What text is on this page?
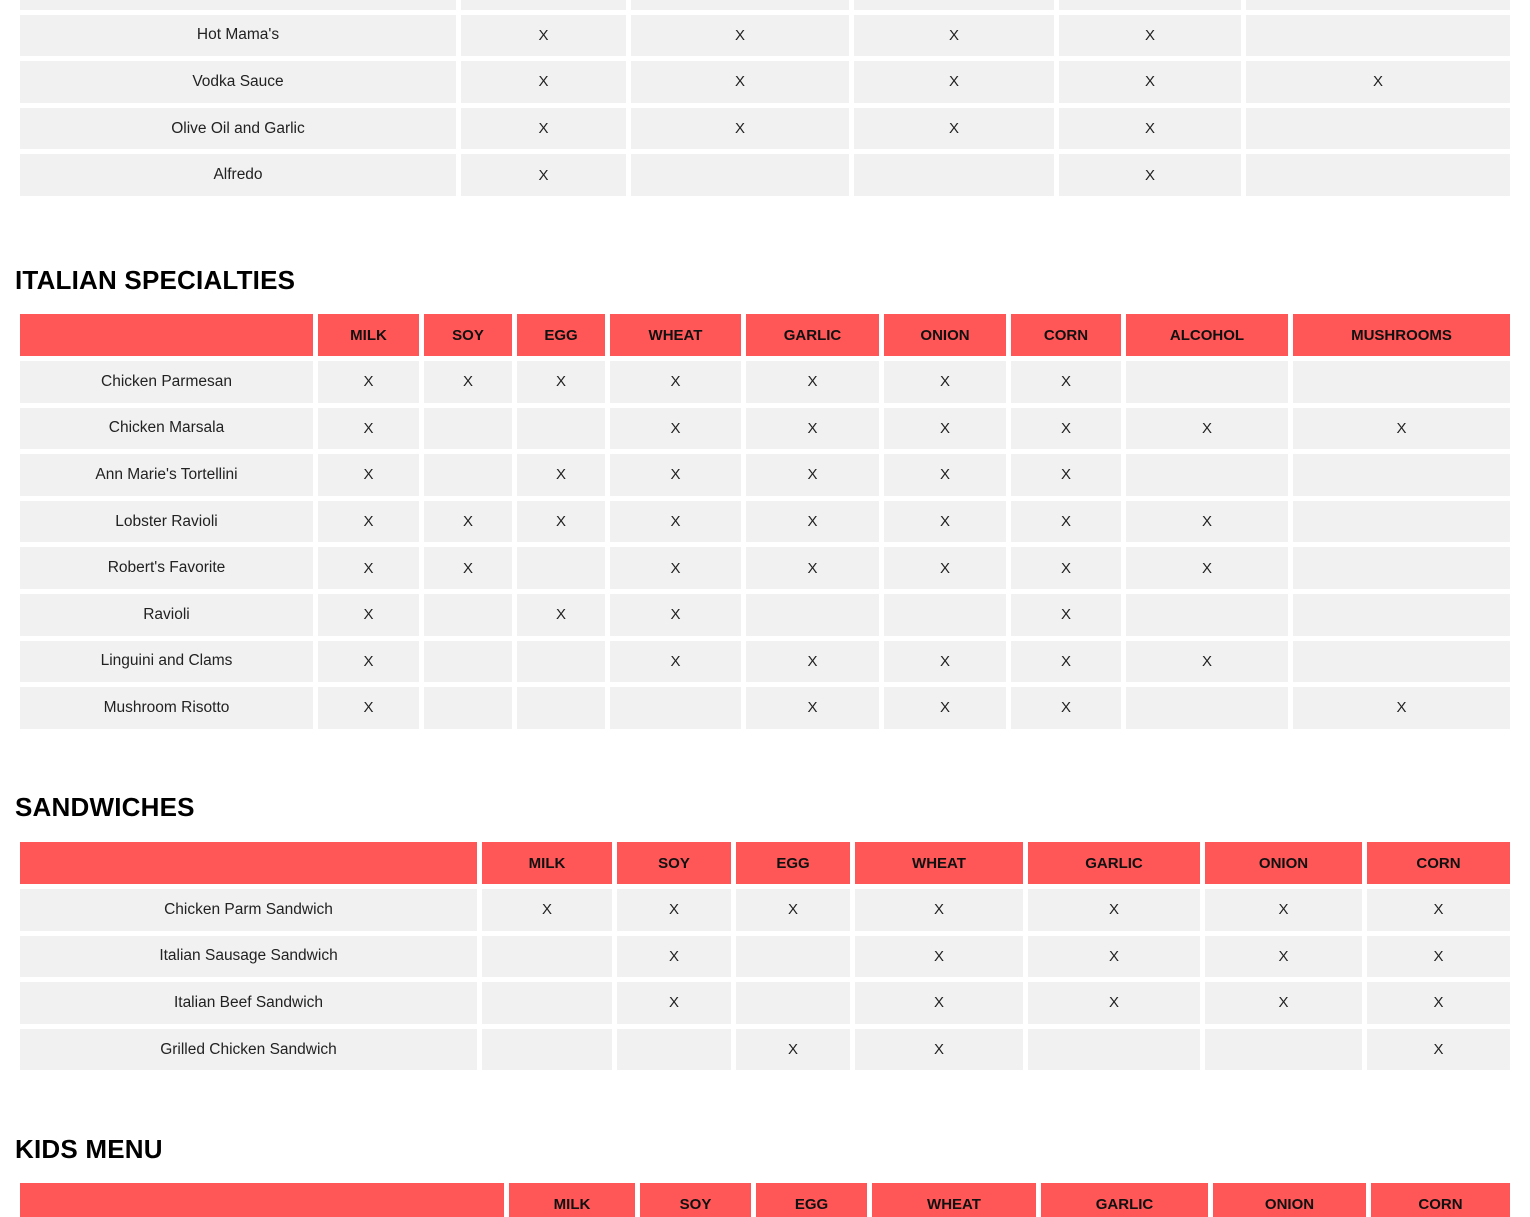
Hot Mama's	X	X	X	X	
Vodka Sauce	X	X	X	X	X
Olive Oil and Garlic	X	X	X	X	
Alfredo	X			X	
ITALIAN SPECIALTIES
	MILK	SOY	EGG	WHEAT	GARLIC	ONION	CORN	ALCOHOL	MUSHROOMS
Chicken Parmesan	X	X	X	X	X	X	X		
Chicken Marsala	X			X	X	X	X	X	X
Ann Marie's Tortellini	X		X	X	X	X	X		
Lobster Ravioli	X	X	X	X	X	X	X	X	
Robert's Favorite	X	X		X	X	X	X	X	
Ravioli	X		X	X			X		
Linguini and Clams	X			X	X	X	X	X	
Mushroom Risotto	X				X	X	X		X
SANDWICHES
	MILK	SOY	EGG	WHEAT	GARLIC	ONION	CORN
Chicken Parm Sandwich	X	X	X	X	X	X	X
Italian Sausage Sandwich		X		X	X	X	X
Italian Beef Sandwich		X		X	X	X	X
Grilled Chicken Sandwich			X	X			X
KIDS MENU
	MILK	SOY	EGG	WHEAT	GARLIC	ONION	CORN
